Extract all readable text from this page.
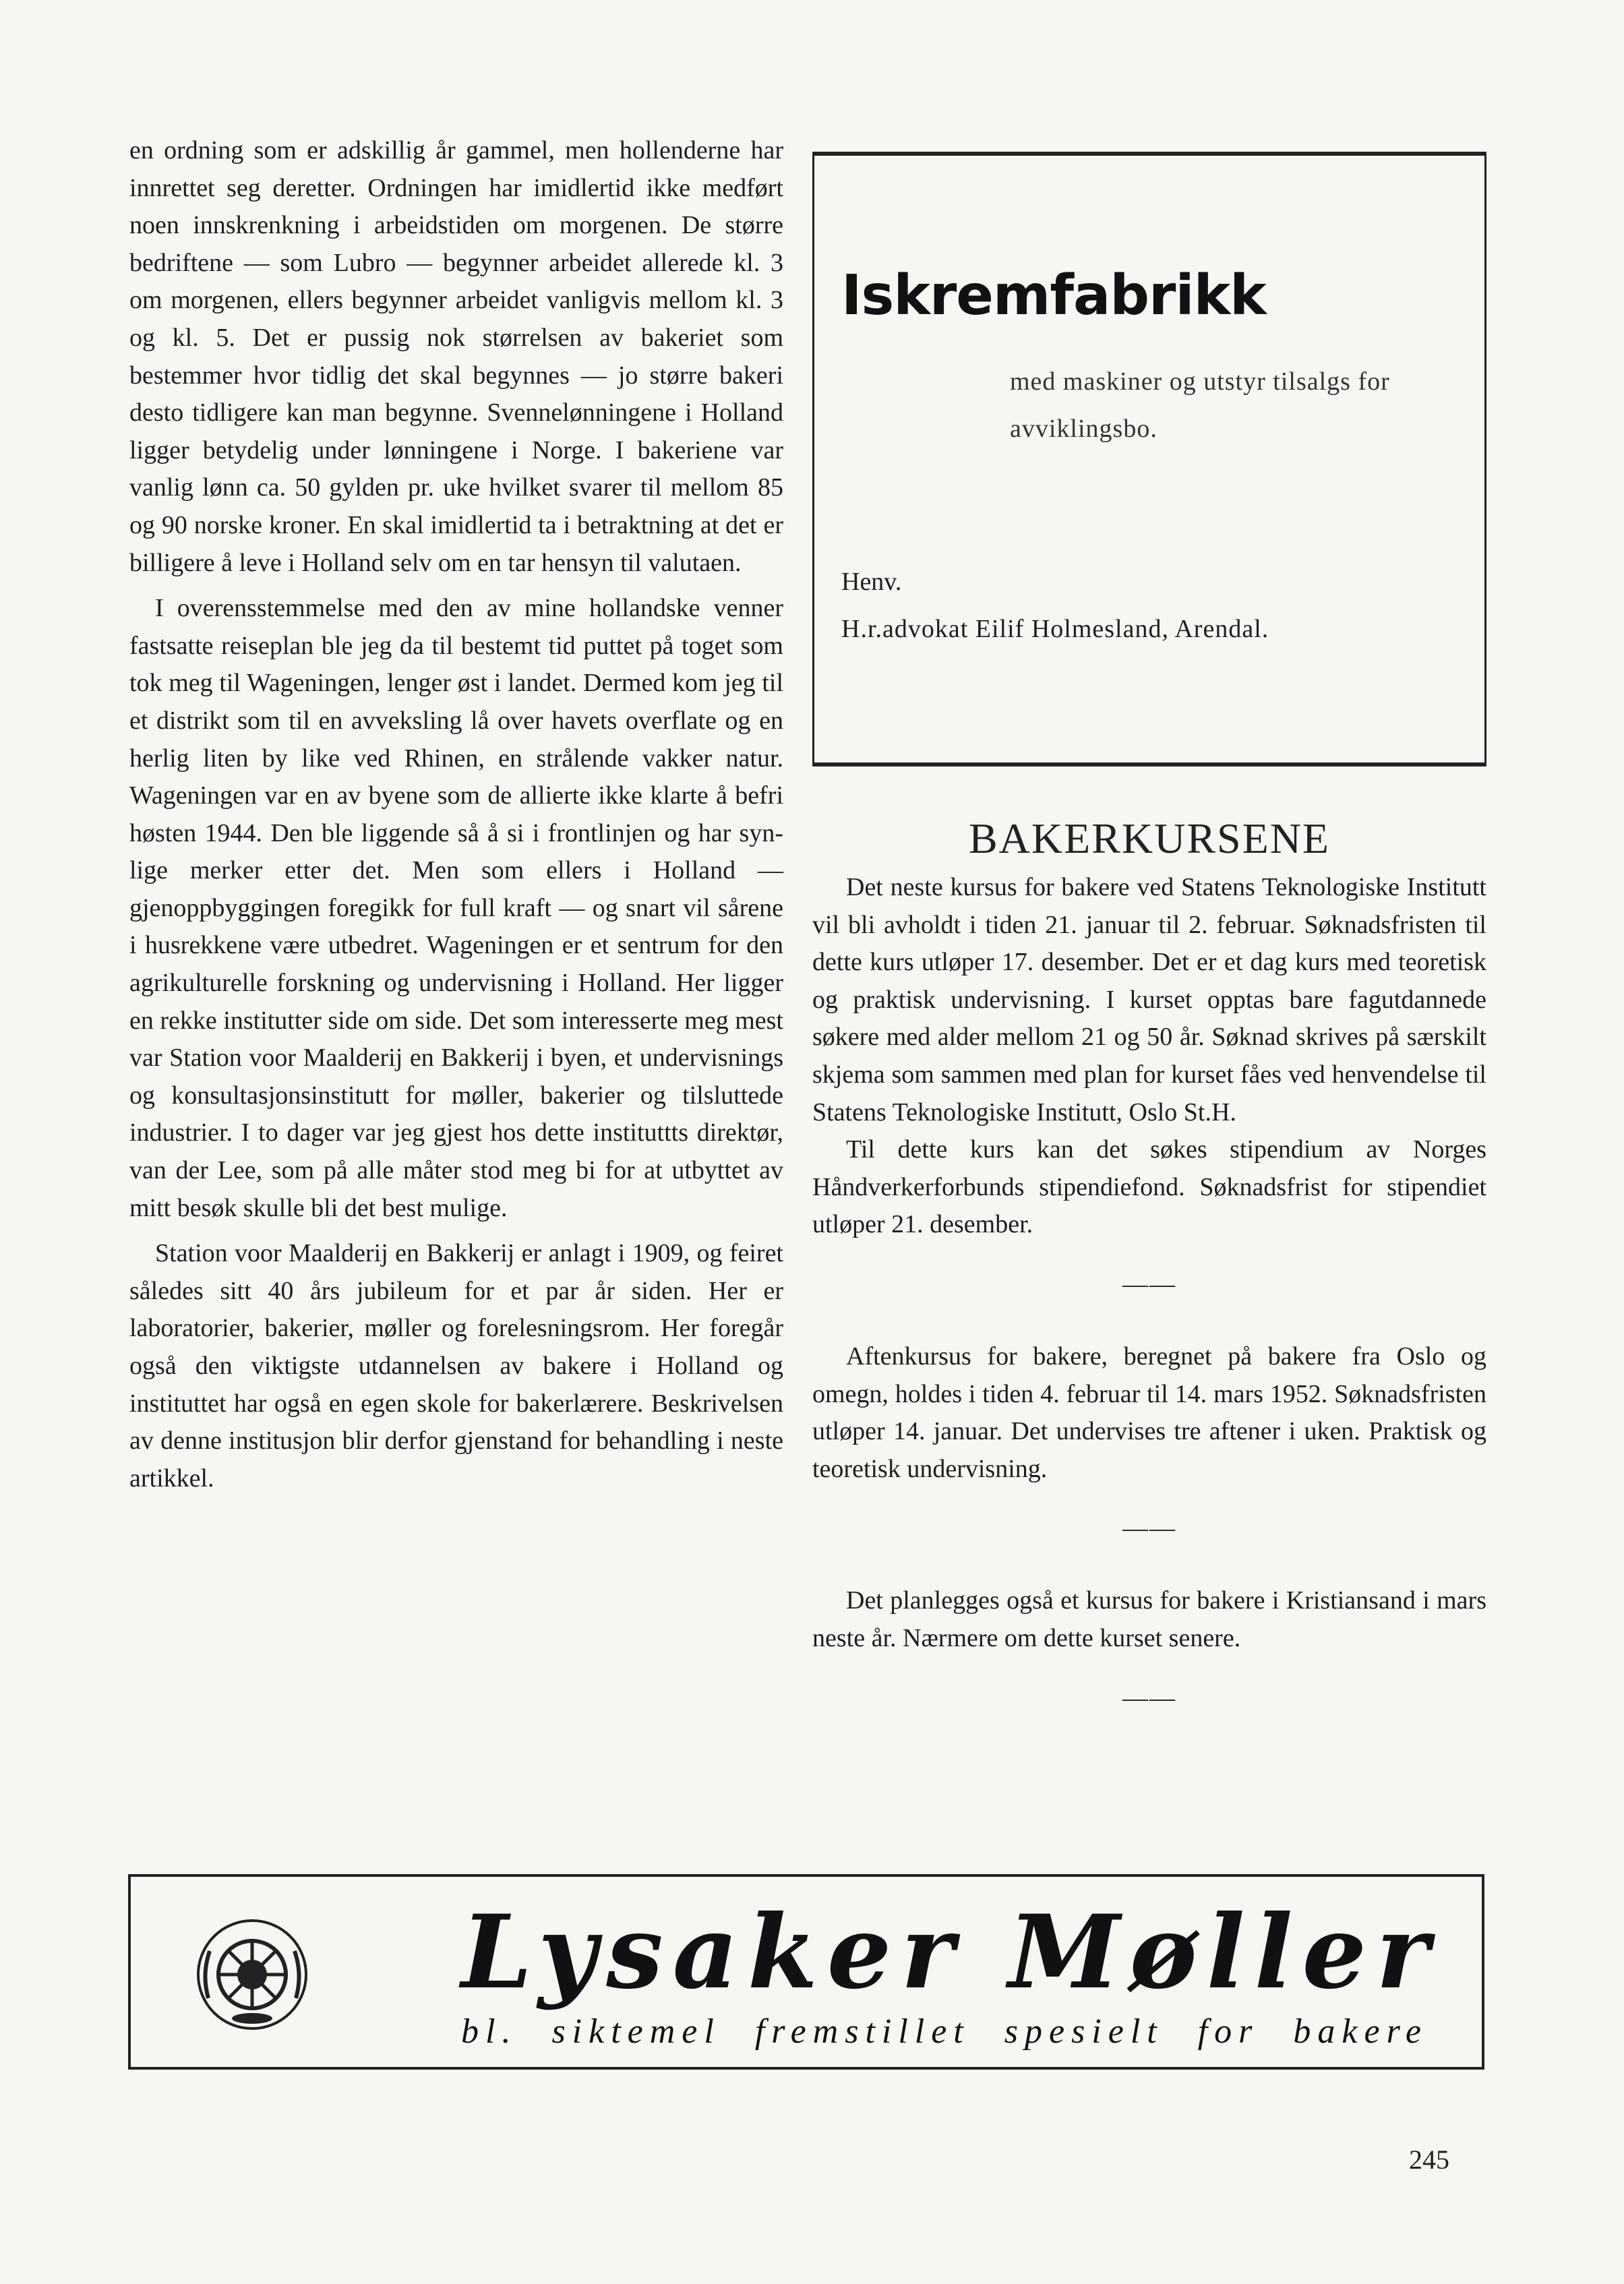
en ordning som er adskillig år gammel, men hollenderne har innrettet seg deretter. Ordningen har imidlertid ikke medført noen innskrenkning i arbeidstiden om morgenen. De større bedriftene — som Lubro — begynner arbeidet allerede kl. 3 om morgenen, ellers begynner arbeidet vanligvis mellom kl. 3 og kl. 5. Det er pussig nok størrelsen av bakeriet som bestemmer hvor tidlig det skal begynnes — jo større bakeri desto tidligere kan man begynne. Svennelønningene i Holland ligger betydelig under lønningene i Norge. I bakeriene var vanlig lønn ca. 50 gylden pr. uke hvilket svarer til mellom 85 og 90 norske kroner. En skal imidlertid ta i betraktning at det er billigere å leve i Holland selv om en tar hensyn til valutaen.

I overensstemmelse med den av mine hollandske venner fastsatte reiseplan ble jeg da til bestemt tid puttet på toget som tok meg til Wageningen, lenger øst i landet. Dermed kom jeg til et distrikt som til en avveksling lå over havets overflate og en herlig liten by like ved Rhinen, en strålende vakker natur. Wageningen var en av byene som de allierte ikke klarte å befri høsten 1944. Den ble liggende så å si i frontlinjen og har synlige merker etter det. Men som ellers i Holland — gjenoppbyggingen foregikk for full kraft — og snart vil sårene i husrekkene være utbedret. Wageningen er et sentrum for den agrikulturelle forskning og undervisning i Holland. Her ligger en rekke institutter side om side. Det som interesserte meg mest var Station voor Maalderij en Bakkerij i byen, et undervisnings og konsultasjonsinstitutt for møller, bakerier og tilsluttede industrier. I to dager var jeg gjest hos dette instituttts direktør, van der Lee, som på alle måter stod meg bi for at utbyttet av mitt besøk skulle bli det best mulige.

Station voor Maalderij en Bakkerij er anlagt i 1909, og feiret således sitt 40 års jubileum for et par år siden. Her er laboratorier, bakerier, møller og forelesningsrom. Her foregår også den viktigste utdannelsen av bakere i Holland og instituttet har også en egen skole for bakerlærere. Beskrivelsen av denne institusjon blir derfor gjenstand for behandling i neste artikkel.

Iskremfabrikk
med maskiner og utstyr tilsalgs for avviklingsbo.
Henv.
H.r.advokat Eilif Holmesland, Arendal.
BAKERKURSENE

Det neste kursus for bakere ved Statens Teknologiske Institutt vil bli avholdt i tiden 21. januar til 2. februar. Søknadsfristen til dette kurs utløper 17. desember. Det er et dag kurs med teoretisk og praktisk undervisning. I kurset opptas bare fagutdannede søkere med alder mellom 21 og 50 år. Søknad skrives på særskilt skjema som sammen med plan for kurset fåes ved henvendelse til Statens Teknologiske Institutt, Oslo St.H.

Til dette kurs kan det søkes stipendium av Norges Håndverkerforbunds stipendiefond. Søknadsfrist for stipendiet utløper 21. desember.

——

Aftenkursus for bakere, beregnet på bakere fra Oslo og omegn, holdes i tiden 4. februar til 14. mars 1952. Søknadsfristen utløper 14. januar. Det undervises tre aftener i uken. Praktisk og teoretisk undervisning.

——

Det planlegges også et kursus for bakere i Kristiansand i mars neste år. Nærmere om dette kurset senere.

——
Lysaker Møller
bl. siktemel fremstillet spesielt for bakere
245
